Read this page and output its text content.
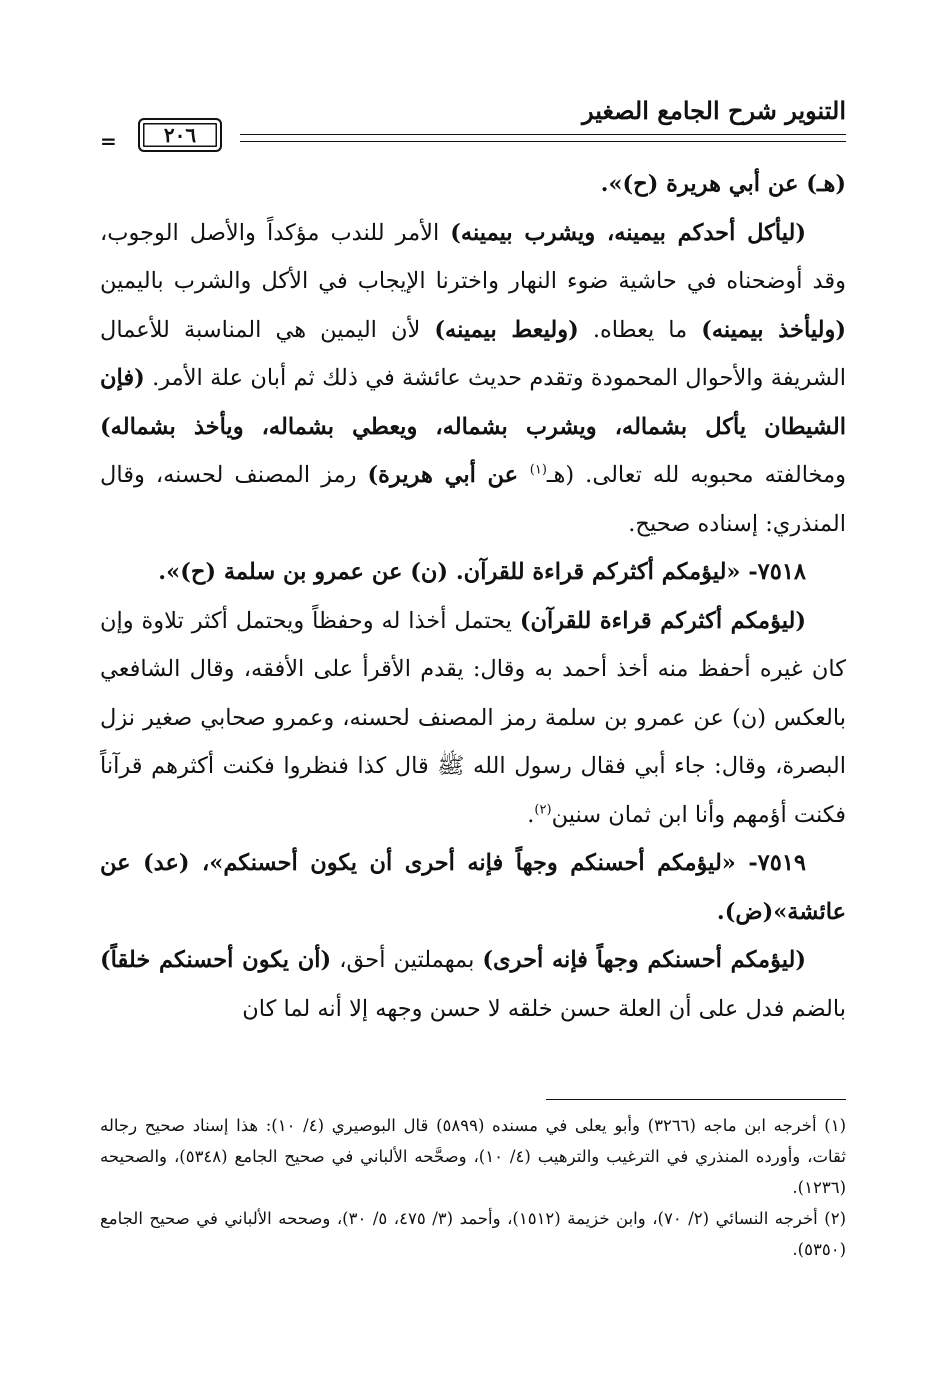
التنوير شرح الجامع الصغير
٢٠٦
=

(هـ) عن أبي هريرة (ح)».

(ليأكل أحدكم بيمينه، ويشرب بيمينه) الأمر للندب مؤكداً والأصل الوجوب، وقد أوضحناه في حاشية ضوء النهار واخترنا الإيجاب في الأكل والشرب باليمين (وليأخذ بيمينه) ما يعطاه. (وليعط بيمينه) لأن اليمين هي المناسبة للأعمال الشريفة والأحوال المحمودة وتقدم حديث عائشة في ذلك ثم أبان علة الأمر. (فإن الشيطان يأكل بشماله، ويشرب بشماله، ويعطي بشماله، ويأخذ بشماله) ومخالفته محبوبه لله تعالى. (هـ$^{(١)}$ عن أبي هريرة) رمز المصنف لحسنه، وقال المنذري: إسناده صحيح.

٧٥١٨- «ليؤمكم أكثركم قراءة للقرآن. (ن) عن عمرو بن سلمة (ح)».

(ليؤمكم أكثركم قراءة للقرآن) يحتمل أخذا له وحفظاً ويحتمل أكثر تلاوة وإن كان غيره أحفظ منه أخذ أحمد به وقال: يقدم الأقرأ على الأفقه، وقال الشافعي بالعكس (ن) عن عمرو بن سلمة رمز المصنف لحسنه، وعمرو صحابي صغير نزل البصرة، وقال: جاء أبي فقال رسول الله ﷺ قال كذا فنظروا فكنت أكثرهم قرآناً فكنت أؤمهم وأنا ابن ثمان سنين$^{(٢)}$.

٧٥١٩- «ليؤمكم أحسنكم وجهاً فإنه أحرى أن يكون أحسنكم»، (عد) عن عائشة»(ض).

(ليؤمكم أحسنكم وجهاً فإنه أحرى) بمهملتين أحق، (أن يكون أحسنكم خلقاً) بالضم فدل على أن العلة حسن خلقه لا حسن وجهه إلا أنه لما كان

(١) أخرجه ابن ماجه (٣٢٦٦) وأبو يعلى في مسنده (٥٨٩٩) قال البوصيري (٤/ ١٠): هذا إسناد صحيح رجاله ثقات، وأورده المنذري في الترغيب والترهيب (٤/ ١٠)، وصحَّحه الألباني في صحيح الجامع (٥٣٤٨)، والصحيحه (١٢٣٦).

(٢) أخرجه النسائي (٢/ ٧٠)، وابن خزيمة (١٥١٢)، وأحمد (٣/ ٤٧٥، ٥/ ٣٠)، وصححه الألباني في صحيح الجامع (٥٣٥٠).
